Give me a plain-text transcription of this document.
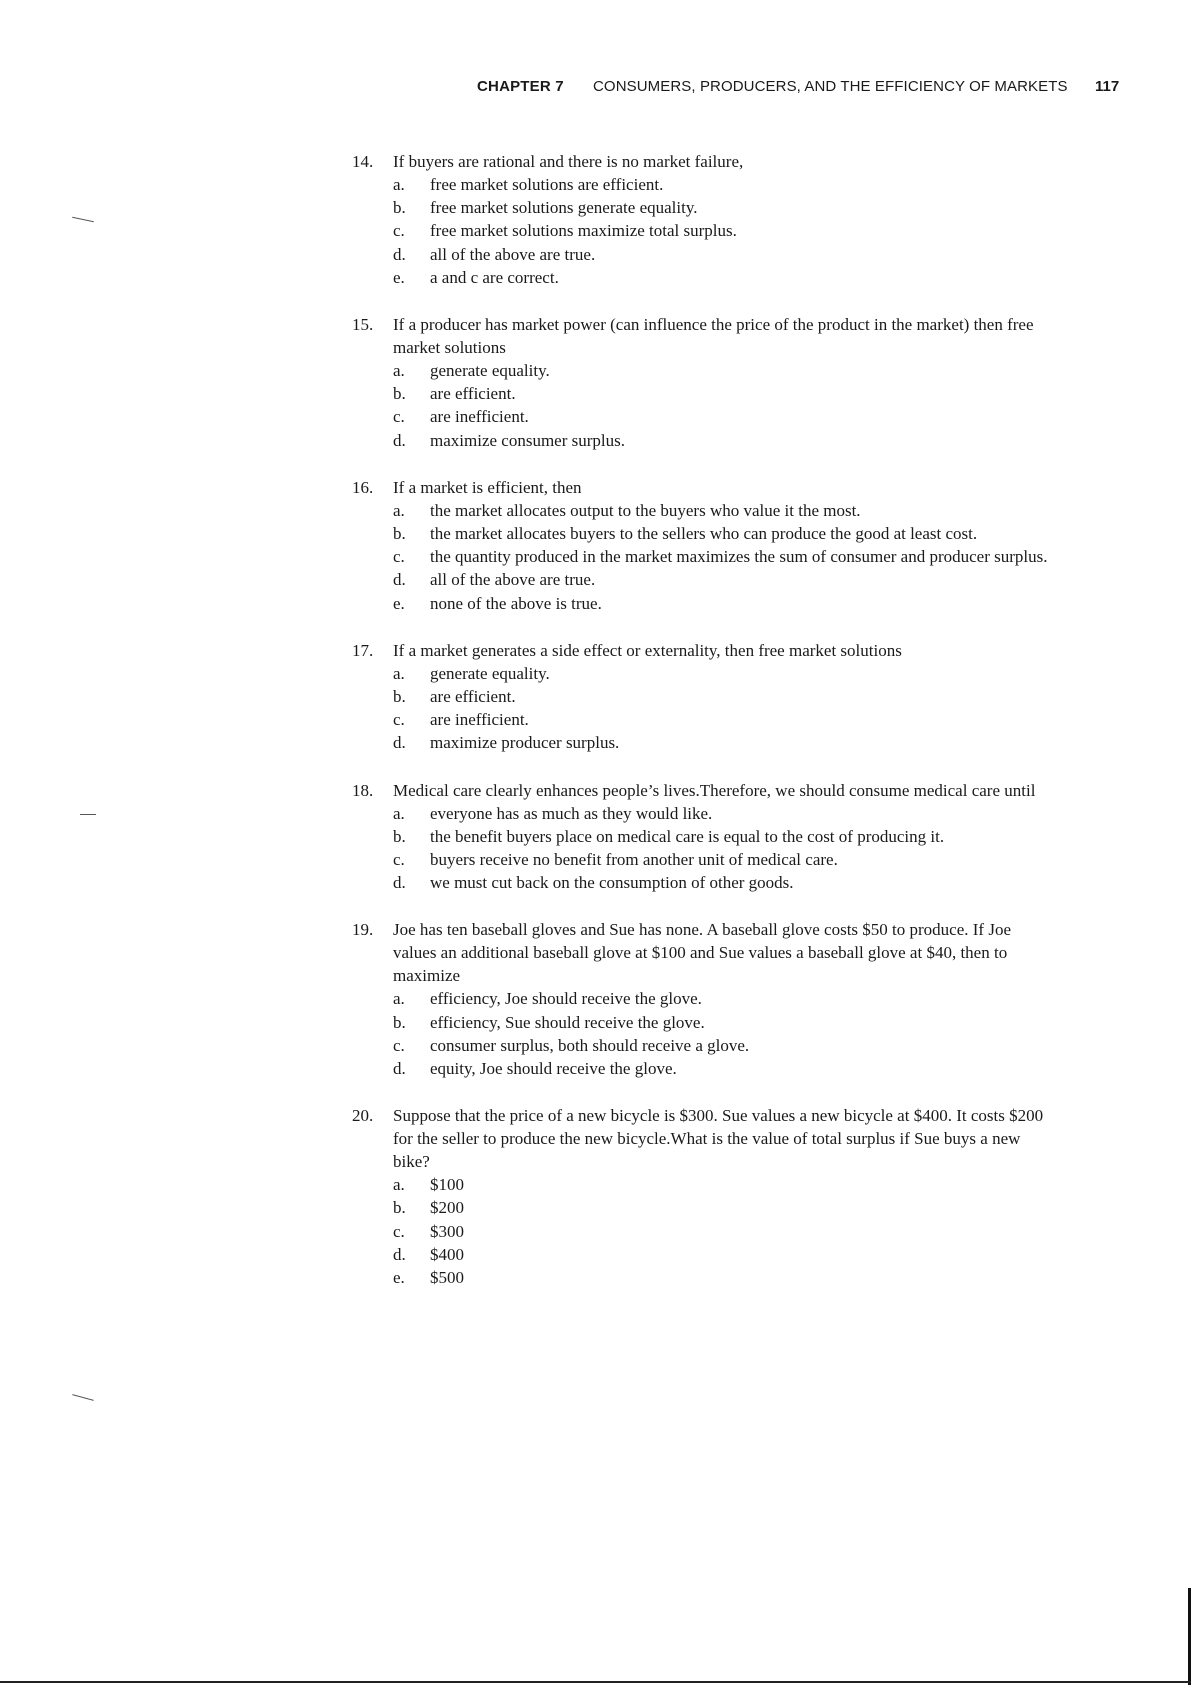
CHAPTER 7 CONSUMERS, PRODUCERS, AND THE EFFICIENCY OF MARKETS 117
14.	If buyers are rational and there is no market failure,
a.	free market solutions are efficient.
b.	free market solutions generate equality.
c.	free market solutions maximize total surplus.
d.	all of the above are true.
e.	a and c are correct.
15.	If a producer has market power (can influence the price of the product in the market) then free market solutions
a.	generate equality.
b.	are efficient.
c.	are inefficient.
d.	maximize consumer surplus.
16.	If a market is efficient, then
a.	the market allocates output to the buyers who value it the most.
b.	the market allocates buyers to the sellers who can produce the good at least cost.
c.	the quantity produced in the market maximizes the sum of consumer and producer surplus.
d.	all of the above are true.
e.	none of the above is true.
17.	If a market generates a side effect or externality, then free market solutions
a.	generate equality.
b.	are efficient.
c.	are inefficient.
d.	maximize producer surplus.
18.	Medical care clearly enhances people’s lives.Therefore, we should consume medical care until
a.	everyone has as much as they would like.
b.	the benefit buyers place on medical care is equal to the cost of producing it.
c.	buyers receive no benefit from another unit of medical care.
d.	we must cut back on the consumption of other goods.
19.	Joe has ten baseball gloves and Sue has none. A baseball glove costs $50 to produce. If Joe values an additional baseball glove at $100 and Sue values a baseball glove at $40, then to maximize
a.	efficiency, Joe should receive the glove.
b.	efficiency, Sue should receive the glove.
c.	consumer surplus, both should receive a glove.
d.	equity, Joe should receive the glove.
20.	Suppose that the price of a new bicycle is $300. Sue values a new bicycle at $400. It costs $200 for the seller to produce the new bicycle.What is the value of total surplus if Sue buys a new bike?
a.	$100
b.	$200
c.	$300
d.	$400
e.	$500
